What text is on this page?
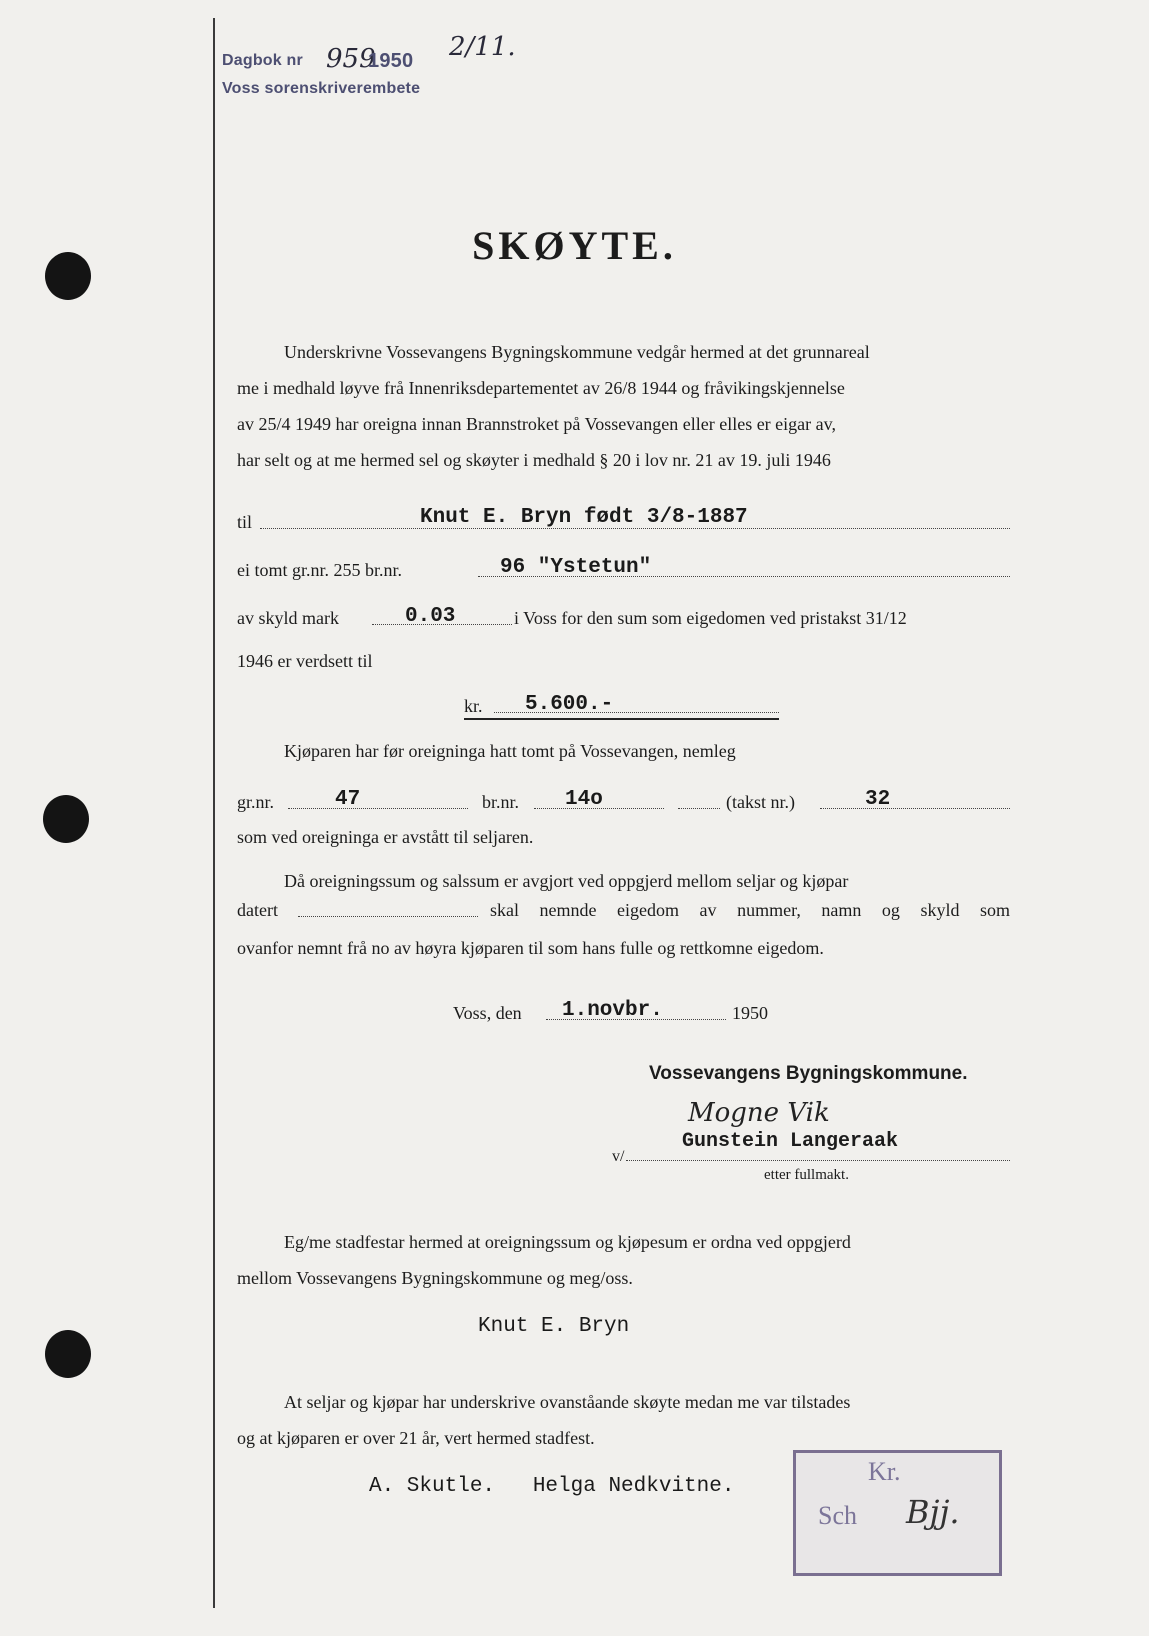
Dagbok nr 959
1950 2/11.
Voss sorenskriverembete
SKØYTE.
Underskrivne Vossevangens Bygningskommune vedgår hermed at det grunnareal
me i medhald løyve frå Innenriksdepartementet av 26/8 1944 og fråvikingskjennelse
av 25/4 1949 har oreigna innan Brannstroket på Vossevangen eller elles er eigar av,
har selt og at me hermed sel og skøyter i medhald § 20 i lov nr. 21 av 19. juli 1946
til	Knut E. Bryn født 3/8-1887
ei tomt gr.nr. 255 br.nr.	96 "Ystetun"
av skyld mark	0.03	i Voss for den sum som eigedomen ved pristakst 31/12
1946 er verdsett til
kr. 5.600.-
Kjøparen har før oreigninga hatt tomt på Vossevangen, nemleg
gr.nr.	47	br.nr. 14o	(takst nr.)	32
som ved oreigninga er avstått til seljaren.
Då oreigningssum og salssum er avgjort ved oppgjerd mellom seljar og kjøpar
datert	skal nemnde eigedom av nummer, namn og skyld som
ovanfor nemnt frå no av høyra kjøparen til som hans fulle og rettkomne eigedom.
Voss, den 1.novbr.	1950
Vossevangens Bygningskommune.
Mogne Vik
v/
Gunstein Langeraak
etter fullmakt.
Eg/me stadfestar hermed at oreigningssum og kjøpesum er ordna ved oppgjerd
mellom Vossevangens Bygningskommune og meg/oss.
Knut E. Bryn
At seljar og kjøpar har underskrive ovanståande skøyte medan me var tilstades
og at kjøparen er over 21 år, vert hermed stadfest.
A. Skutle.   Helga Nedkvitne.
Kr.
Sch Bjj.
